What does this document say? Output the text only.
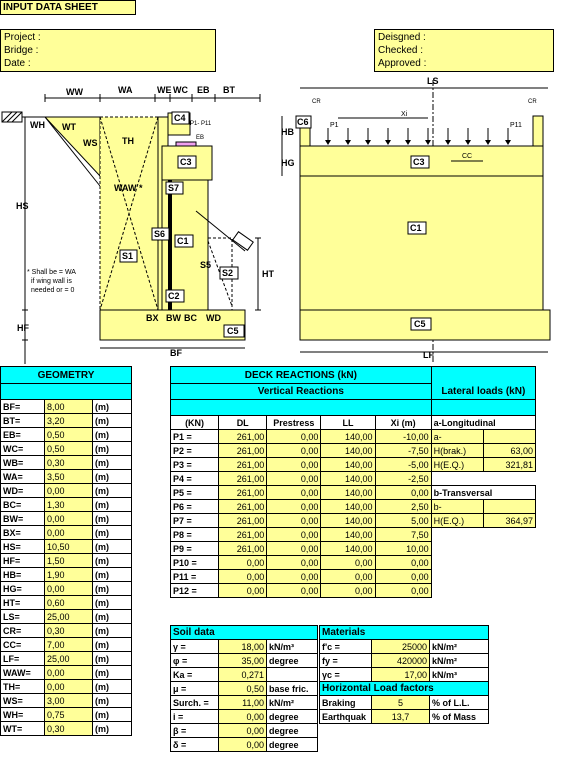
INPUT DATA SHEET
Project :
Bridge :
Date :
Deisgned :
Checked :
Approved :
WW	WA	WE WC EB BT
WH WT
WS	TH
HS
HF
WAW *
C4
C3
S7
S6
C1
S1
S5
S2
C2
HT
BX BW BC WD
C5
BF
P1- P11
EB
* Shall be = WA
if wing wall is
needed or = 0
LS
CR	CR
C6
HB
HG	C3
C1
C5
LF
P1
Xi
P11
CC
GEOMETRY		

BF=	8,00	(m)
BT=	3,20	(m)
EB=	0,50	(m)
WC=	0,50	(m)
WB=	0,30	(m)
WA=	3,50	(m)
WD=	0,00	(m)
BC=	1,30	(m)
BW=	0,00	(m)
BX=	0,00	(m)
HS=	10,50	(m)
HF=	1,50	(m)
HB=	1,90	(m)
HG=	0,00	(m)
HT=	0,60	(m)
LS=	25,00	(m)
CR=	0,30	(m)
CC=	7,00	(m)
LF=	25,00	(m)
WAW=	0,00	(m)
TH=	0,00	(m)
WS=	3,00	(m)
WH=	0,75	(m)
WT=	0,30	(m)
DECK REACTIONS (kN)						
Vertical Reactions					Lateral loads (kN)	

(KN)	DL	Prestress	LL	Xi (m)	a-Longitudinal	
P1 =	261,00	0,00	140,00	-10,00	a-	
P2 =	261,00	0,00	140,00	-7,50	H(brak.)	63,00
P3 =	261,00	0,00	140,00	-5,00	H(E.Q.)	321,81
P4 =	261,00	0,00	140,00	-2,50		
P5 =	261,00	0,00	140,00	0,00	b-Transversal	
P6 =	261,00	0,00	140,00	2,50	b-	
P7 =	261,00	0,00	140,00	5,00	H(E.Q.)	364,97
P8 =	261,00	0,00	140,00	7,50		
P9 =	261,00	0,00	140,00	10,00		
P10 =	0,00	0,00	0,00	0,00		
P11 =	0,00	0,00	0,00	0,00		
P12 =	0,00	0,00	0,00	0,00		
Soil data		
γ =	18,00	kN/m³
φ =	35,00	degree
Ka =	0,271	
μ =	0,50	base fric.
Surch. =	11,00	kN/m²
i =	0,00	degree
β =	0,00	degree
δ =	0,00	degree
Materials		
f'c =	25000	kN/m²
fy =	420000	kN/m²
γc =	17,00	kN/m³
Horizontal Load factors		
Braking	5	% of L.L.
Earthquak	13,7	% of Mass
